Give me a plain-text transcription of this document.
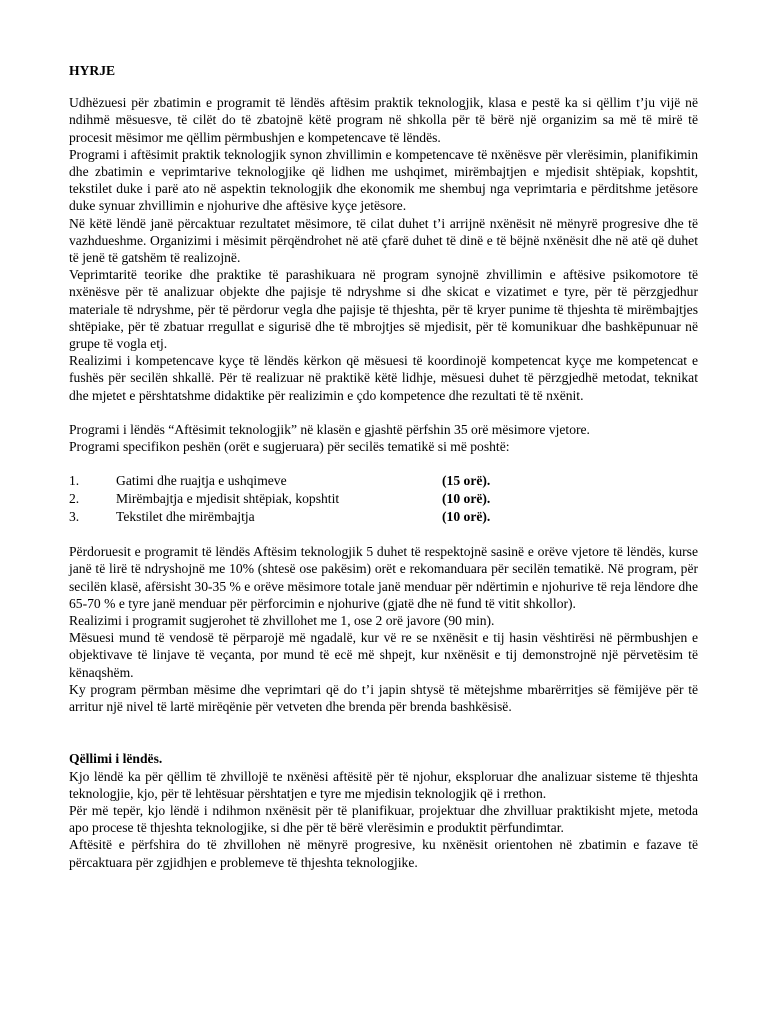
HYRJE

Udhëzuesi për zbatimin e programit të lëndës aftësim praktik teknologjik, klasa e pestë ka si qëllim t’ju vijë në ndihmë mësuesve, të cilët do të zbatojnë këtë program në shkolla për të bërë një organizim sa më të mirë të procesit mësimor me qëllim përmbushjen e kompetencave të lëndës.

Programi i aftësimit praktik teknologjik synon zhvillimin e kompetencave të nxënësve për vlerësimin, planifikimin dhe zbatimin e veprimtarive teknologjike që lidhen me ushqimet, mirëmbajtjen e mjedisit shtëpiak, kopshtit, tekstilet duke i parë ato në aspektin teknologjik dhe ekonomik me shembuj nga veprimtaria e përditshme jetësore duke synuar zhvillimin e njohurive dhe aftësive kyçe jetësore.

Në këtë lëndë janë përcaktuar rezultatet mësimore, të cilat duhet t’i arrijnë nxënësit në mënyrë progresive dhe të vazhdueshme. Organizimi i mësimit përqëndrohet në atë çfarë duhet të dinë e të bëjnë nxënësit dhe në atë që duhet të jenë të gatshëm të realizojnë.

Veprimtaritë teorike dhe praktike të parashikuara në program synojnë zhvillimin e aftësive psikomotore të nxënësve për të analizuar objekte dhe pajisje të ndryshme si dhe skicat e vizatimet e tyre, për të përzgjedhur materiale të ndryshme, për të përdorur vegla dhe pajisje të thjeshta, për të kryer punime të thjeshta të mirëmbajtjes shtëpiake, për të zbatuar rregullat e sigurisë dhe të mbrojtjes së mjedisit, për të komunikuar dhe bashkëpunuar në grupe të vogla etj.

Realizimi i kompetencave kyçe të lëndës kërkon që mësuesi të koordinojë kompetencat kyçe me kompetencat e fushës për secilën shkallë. Për të realizuar në praktikë këtë lidhje, mësuesi duhet të përzgjedhë metodat, teknikat dhe mjetet e përshtatshme didaktike për realizimin e çdo kompetence dhe rezultati të të nxënit.

Programi i lëndës “Aftësimit teknologjik” në klasën e gjashtë përfshin 35 orë mësimore vjetore.

Programi specifikon peshën (orët e sugjeruara) për secilës tematikë si më poshtë:

1.	Gatimi dhe ruajtja e ushqimeve	(15 orë).
2.	Mirëmbajtja e mjedisit shtëpiak, kopshtit	(10 orë).
3.	Tekstilet dhe mirëmbajtja	(10 orë).

Përdoruesit e programit të lëndës Aftësim teknologjik 5 duhet të respektojnë sasinë e orëve vjetore të lëndës, kurse janë të lirë të ndryshojnë me 10% (shtesë ose pakësim) orët e rekomanduara për secilën tematikë. Në program, për secilën klasë, afërsisht 30-35 % e orëve mësimore totale janë menduar për ndërtimin e njohurive të reja lëndore dhe 65-70 % e tyre janë menduar për përforcimin e njohurive (gjatë dhe në fund të vitit shkollor).

Realizimi i programit sugjerohet të zhvillohet me 1, ose 2 orë javore (90 min).

Mësuesi mund të vendosë të përparojë më ngadalë, kur vë re se nxënësit e tij hasin vështirësi në përmbushjen e objektivave të linjave të veçanta, por mund të ecë më shpejt, kur nxënësit e tij demonstrojnë një përvetësim të kënaqshëm.

Ky program përmban mësime dhe veprimtari që do t’i japin shtysë të mëtejshme mbarërritjes së fëmijëve për të arritur një nivel të lartë mirëqënie për vetveten dhe brenda për brenda bashkësisë.

Qëllimi i lëndës.

Kjo lëndë ka për qëllim të zhvillojë te nxënësi aftësitë për të njohur, eksploruar dhe analizuar sisteme të thjeshta teknologjie, kjo, për të lehtësuar përshtatjen e tyre me mjedisin teknologjik që i rrethon.

Për më tepër, kjo lëndë i ndihmon nxënësit për të planifikuar, projektuar dhe zhvilluar praktikisht mjete, metoda apo procese të thjeshta teknologjike, si dhe për të bërë vlerësimin e produktit përfundimtar.

Aftësitë e përfshira do të zhvillohen në mënyrë progresive, ku nxënësit orientohen në zbatimin e fazave të përcaktuara për zgjidhjen e problemeve të thjeshta teknologjike.
